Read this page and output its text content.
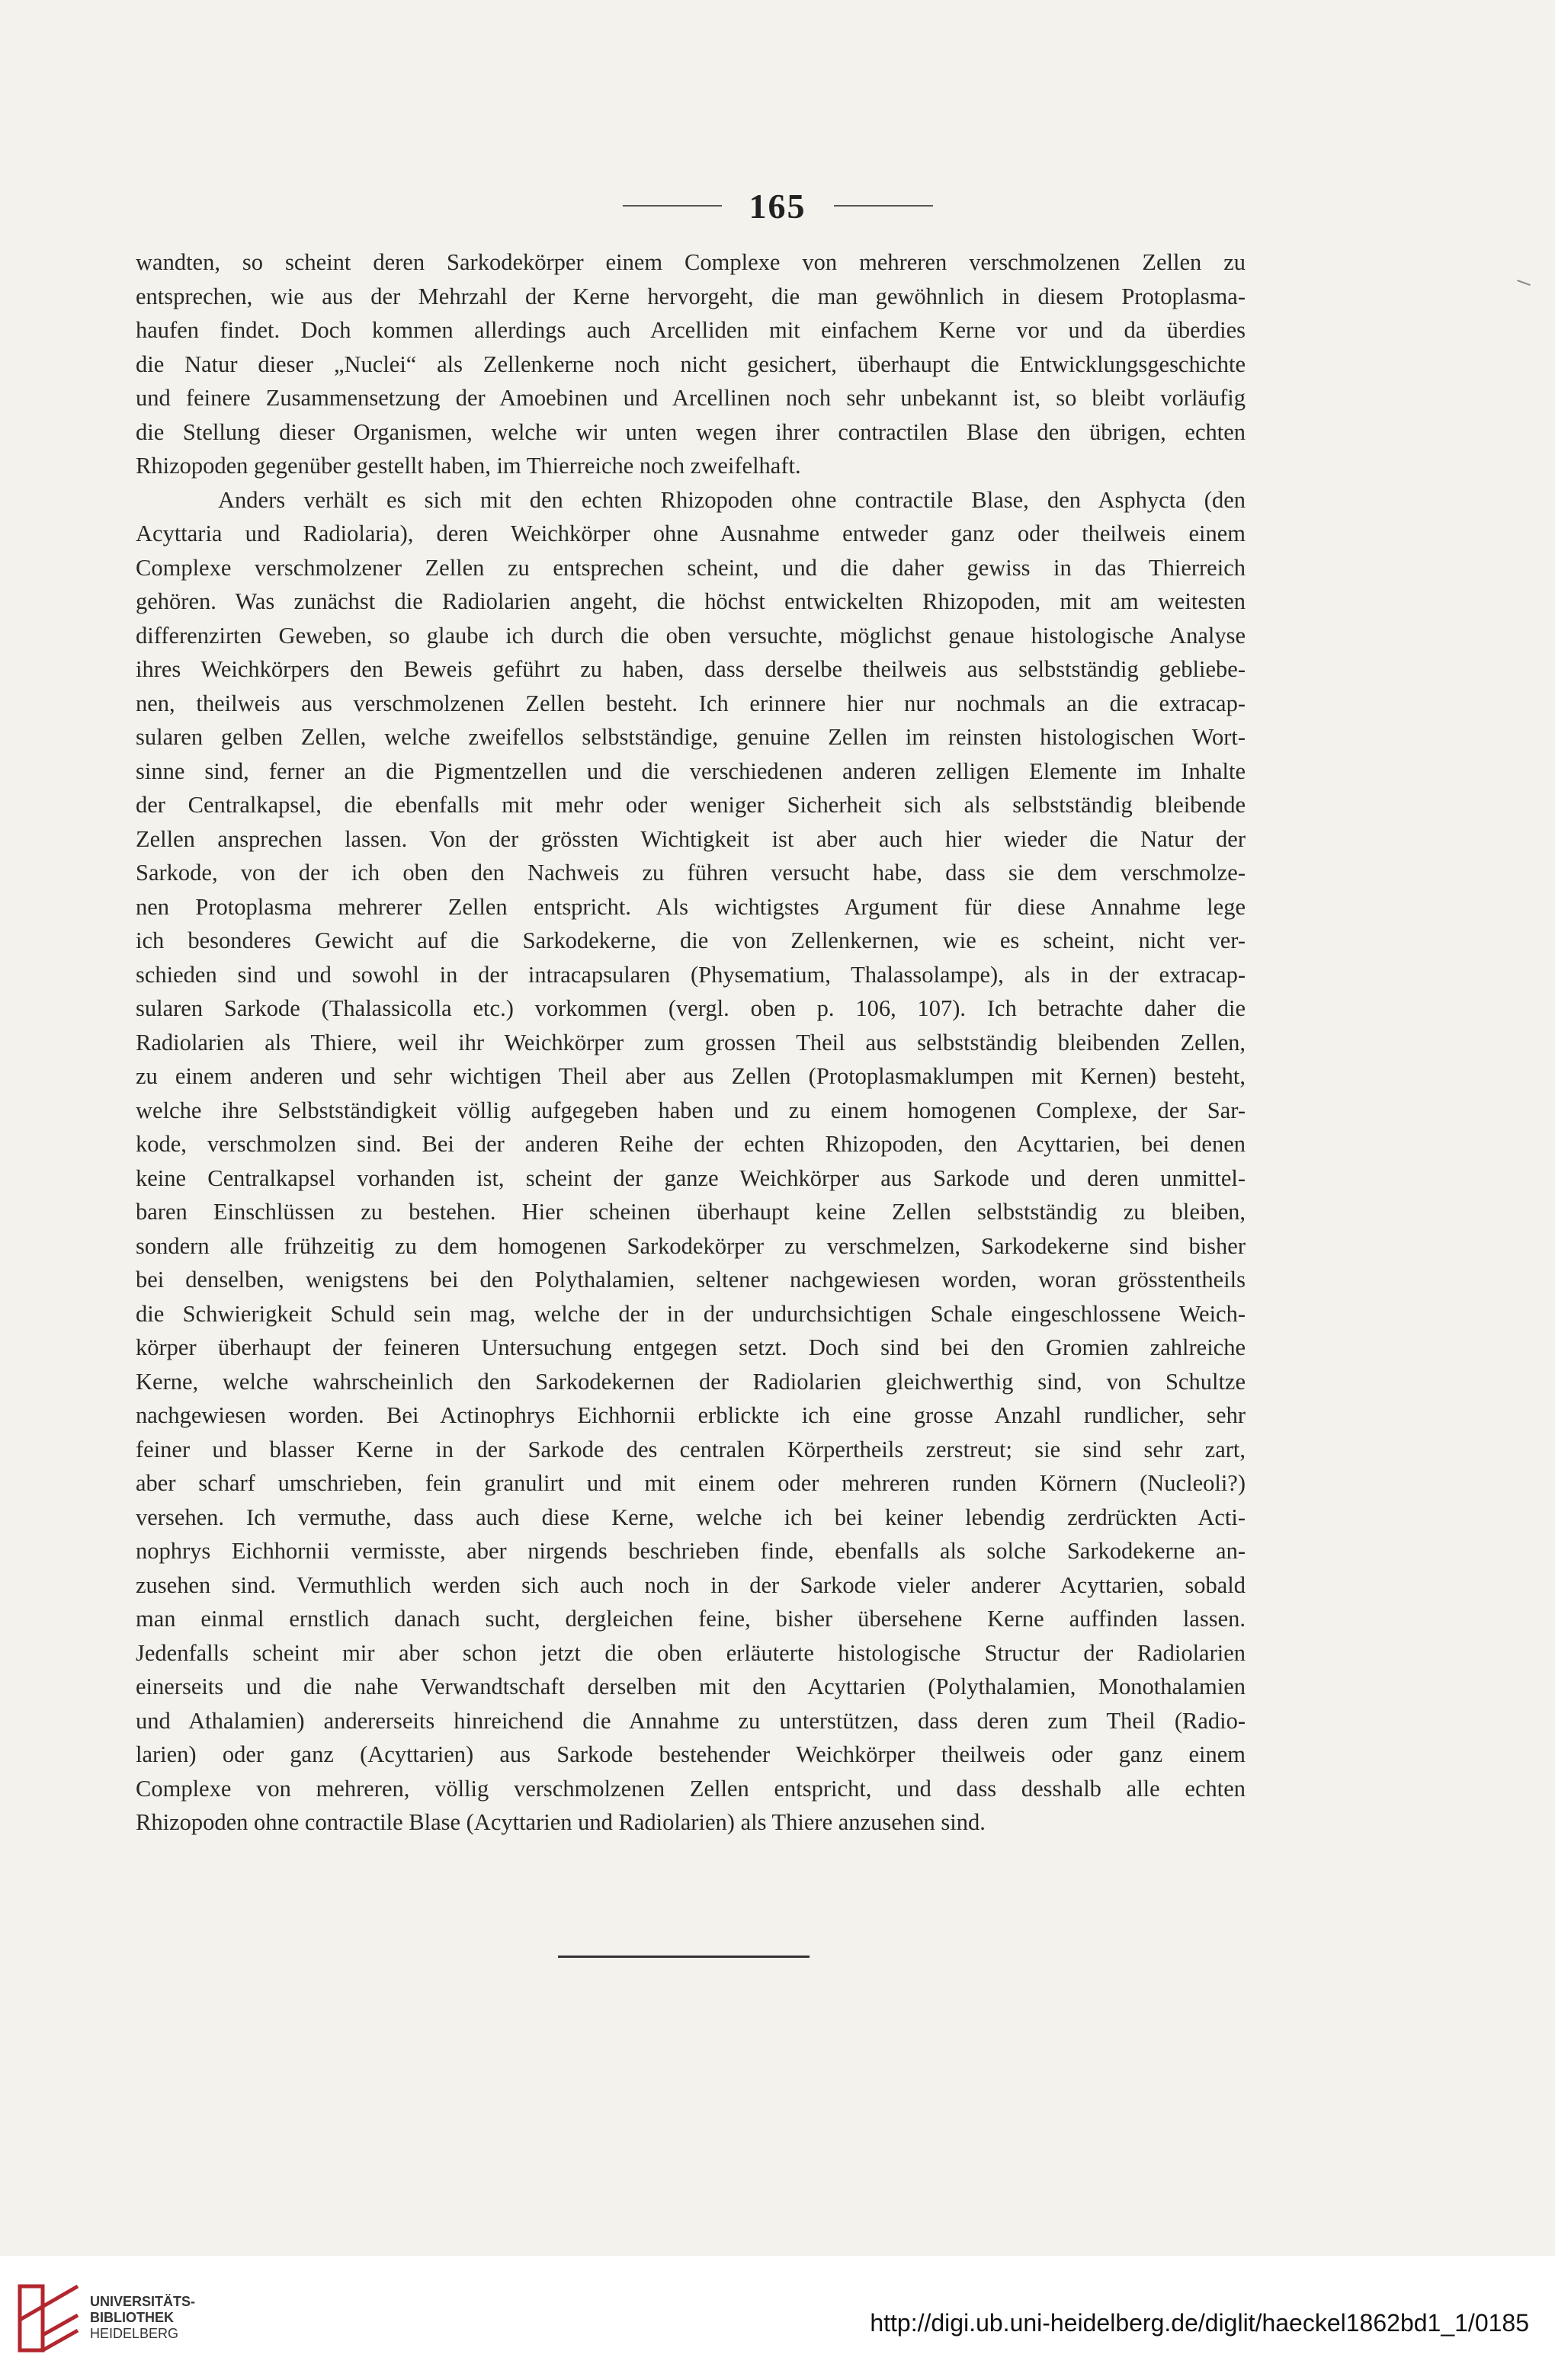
165
wandten, so scheint deren Sarkodekörper einem Complexe von mehreren verschmolzenen Zellen zu
entsprechen, wie aus der Mehrzahl der Kerne hervorgeht, die man gewöhnlich in diesem Protoplasma-
haufen findet. Doch kommen allerdings auch Arcelliden mit einfachem Kerne vor und da überdies
die Natur dieser „Nuclei“ als Zellenkerne noch nicht gesichert, überhaupt die Entwicklungsgeschichte
und feinere Zusammensetzung der Amoebinen und Arcellinen noch sehr unbekannt ist, so bleibt vorläufig
die Stellung dieser Organismen, welche wir unten wegen ihrer contractilen Blase den übrigen, echten
Rhizopoden gegenüber gestellt haben, im Thierreiche noch zweifelhaft.
Anders verhält es sich mit den echten Rhizopoden ohne contractile Blase, den Asphycta (den
Acyttaria und Radiolaria), deren Weichkörper ohne Ausnahme entweder ganz oder theilweis einem
Complexe verschmolzener Zellen zu entsprechen scheint, und die daher gewiss in das Thierreich
gehören. Was zunächst die Radiolarien angeht, die höchst entwickelten Rhizopoden, mit am weitesten
differenzirten Geweben, so glaube ich durch die oben versuchte, möglichst genaue histologische Analyse
ihres Weichkörpers den Beweis geführt zu haben, dass derselbe theilweis aus selbstständig gebliebe-
nen, theilweis aus verschmolzenen Zellen besteht. Ich erinnere hier nur nochmals an die extracap-
sularen gelben Zellen, welche zweifellos selbstständige, genuine Zellen im reinsten histologischen Wort-
sinne sind, ferner an die Pigmentzellen und die verschiedenen anderen zelligen Elemente im Inhalte
der Centralkapsel, die ebenfalls mit mehr oder weniger Sicherheit sich als selbstständig bleibende
Zellen ansprechen lassen. Von der grössten Wichtigkeit ist aber auch hier wieder die Natur der
Sarkode, von der ich oben den Nachweis zu führen versucht habe, dass sie dem verschmolze-
nen Protoplasma mehrerer Zellen entspricht. Als wichtigstes Argument für diese Annahme lege
ich besonderes Gewicht auf die Sarkodekerne, die von Zellenkernen, wie es scheint, nicht ver-
schieden sind und sowohl in der intracapsularen (Physematium, Thalassolampe), als in der extracap-
sularen Sarkode (Thalassicolla etc.) vorkommen (vergl. oben p. 106, 107). Ich betrachte daher die
Radiolarien als Thiere, weil ihr Weichkörper zum grossen Theil aus selbstständig bleibenden Zellen,
zu einem anderen und sehr wichtigen Theil aber aus Zellen (Protoplasmaklumpen mit Kernen) besteht,
welche ihre Selbstständigkeit völlig aufgegeben haben und zu einem homogenen Complexe, der Sar-
kode, verschmolzen sind. Bei der anderen Reihe der echten Rhizopoden, den Acyttarien, bei denen
keine Centralkapsel vorhanden ist, scheint der ganze Weichkörper aus Sarkode und deren unmittel-
baren Einschlüssen zu bestehen. Hier scheinen überhaupt keine Zellen selbstständig zu bleiben,
sondern alle frühzeitig zu dem homogenen Sarkodekörper zu verschmelzen, Sarkodekerne sind bisher
bei denselben, wenigstens bei den Polythalamien, seltener nachgewiesen worden, woran grösstentheils
die Schwierigkeit Schuld sein mag, welche der in der undurchsichtigen Schale eingeschlossene Weich-
körper überhaupt der feineren Untersuchung entgegen setzt. Doch sind bei den Gromien zahlreiche
Kerne, welche wahrscheinlich den Sarkodekernen der Radiolarien gleichwerthig sind, von Schultze
nachgewiesen worden. Bei Actinophrys Eichhornii erblickte ich eine grosse Anzahl rundlicher, sehr
feiner und blasser Kerne in der Sarkode des centralen Körpertheils zerstreut; sie sind sehr zart,
aber scharf umschrieben, fein granulirt und mit einem oder mehreren runden Körnern (Nucleoli?)
versehen. Ich vermuthe, dass auch diese Kerne, welche ich bei keiner lebendig zerdrückten Acti-
nophrys Eichhornii vermisste, aber nirgends beschrieben finde, ebenfalls als solche Sarkodekerne an-
zusehen sind. Vermuthlich werden sich auch noch in der Sarkode vieler anderer Acyttarien, sobald
man einmal ernstlich danach sucht, dergleichen feine, bisher übersehene Kerne auffinden lassen.
Jedenfalls scheint mir aber schon jetzt die oben erläuterte histologische Structur der Radiolarien
einerseits und die nahe Verwandtschaft derselben mit den Acyttarien (Polythalamien, Monothalamien
und Athalamien) andererseits hinreichend die Annahme zu unterstützen, dass deren zum Theil (Radio-
larien) oder ganz (Acyttarien) aus Sarkode bestehender Weichkörper theilweis oder ganz einem
Complexe von mehreren, völlig verschmolzenen Zellen entspricht, und dass desshalb alle echten
Rhizopoden ohne contractile Blase (Acyttarien und Radiolarien) als Thiere anzusehen sind.
UNIVERSITÄTS-
BIBLIOTHEK
HEIDELBERG	http://digi.ub.uni-heidelberg.de/diglit/haeckel1862bd1_1/0185
